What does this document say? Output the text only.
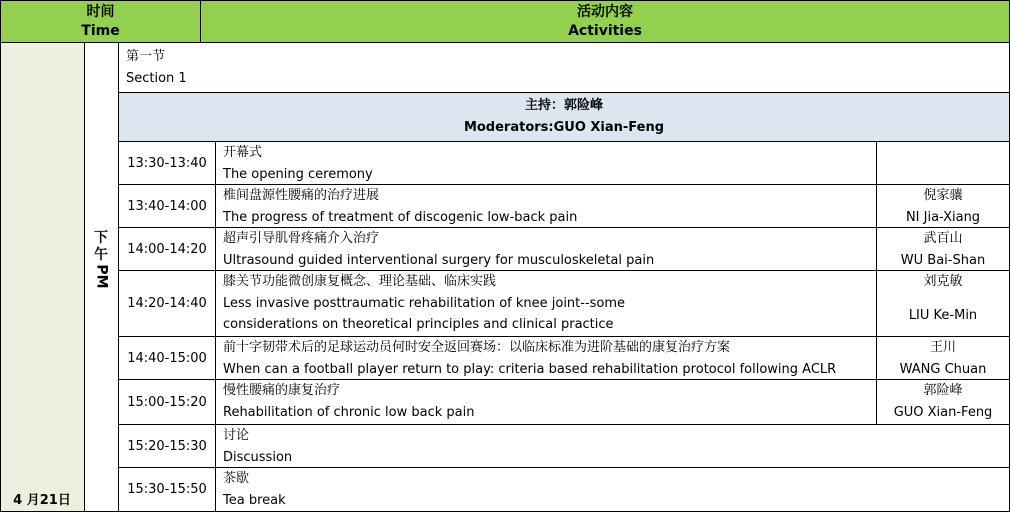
时间
Time
活动内容
Activities
4 月21日
下
午
PM
第一节
Section 1
主持：郭险峰
Moderators:GUO Xian-Feng
13:30-13:40
开幕式
The opening ceremony
13:40-14:00
椎间盘源性腰痛的治疗进展
The progress of treatment of discogenic low-back pain
倪家骧
NI Jia-Xiang
14:00-14:20
超声引导肌骨疼痛介入治疗
Ultrasound guided interventional surgery for musculoskeletal pain
武百山
WU Bai-Shan
14:20-14:40
膝关节功能微创康复概念、理论基础、临床实践
Less invasive posttraumatic rehabilitation of knee joint--some
considerations on theoretical principles and clinical practice
刘克敏
LIU Ke-Min
14:40-15:00
前十字韧带术后的足球运动员何时安全返回赛场：以临床标准为进阶基础的康复治疗方案
When can a football player return to play: criteria based rehabilitation protocol following ACLR
王川
WANG Chuan
15:00-15:20
慢性腰痛的康复治疗
Rehabilitation of chronic low back pain
郭险峰
GUO Xian-Feng
15:20-15:30
讨论
Discussion
15:30-15:50
茶歇
Tea break
